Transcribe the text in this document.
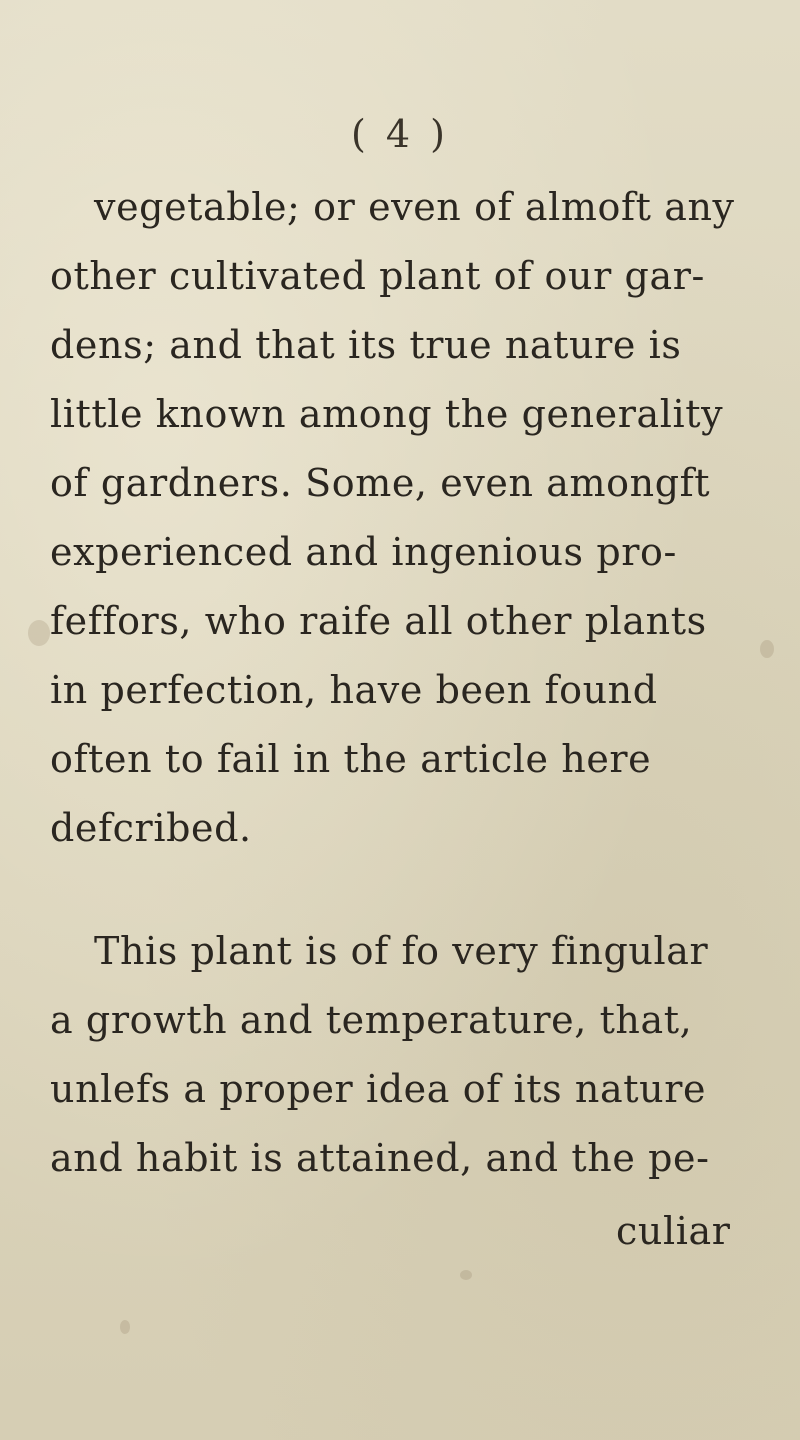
( 4 )
vegetable; or even of almoft any
other cultivated plant of our gar-
dens; and that its true nature is
little known among the generality
of gardners. Some, even amongft
experienced and ingenious pro-
feffors, who raife all other plants
in perfection, have been found
often to fail in the article here
defcribed.
This plant is of fo very fingular
a growth and temperature, that,
unlefs a proper idea of its nature
and habit is attained, and the pe-
culiar
